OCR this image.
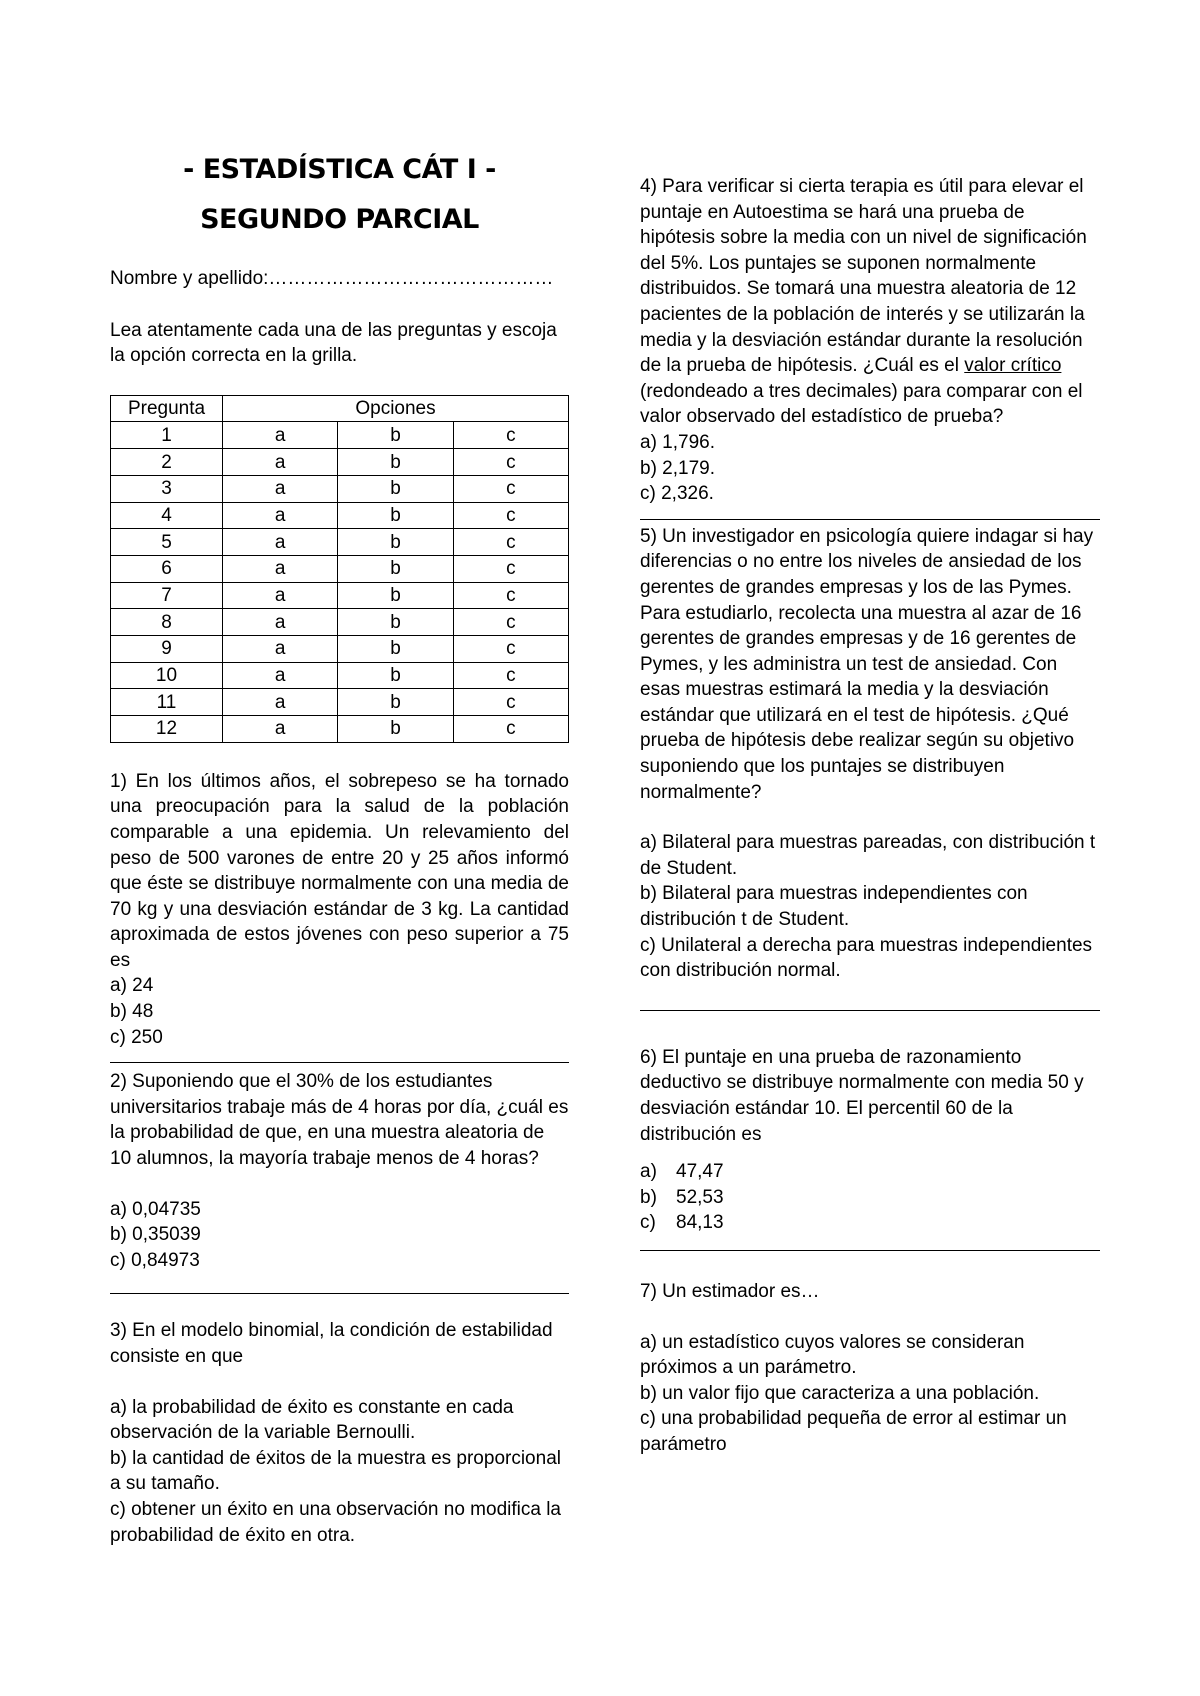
- ESTADÍSTICA CÁT I -
SEGUNDO PARCIAL

Nombre y apellido:………………………………………

Lea atentamente cada una de las preguntas y escoja la opción correcta en la grilla.

Pregunta	Opciones		
1	a	b	c
2	a	b	c
3	a	b	c
4	a	b	c
5	a	b	c
6	a	b	c
7	a	b	c
8	a	b	c
9	a	b	c
10	a	b	c
11	a	b	c
12	a	b	c

1) En los últimos años, el sobrepeso se ha tornado una preocupación para la salud de la población comparable a una epidemia. Un relevamiento del peso de 500 varones de entre 20 y 25 años informó que éste se distribuye normalmente con una media de 70 kg y una desviación estándar de 3 kg. La cantidad aproximada de estos jóvenes con peso superior a 75 es

a) 24

b) 48

c) 250

2) Suponiendo que el 30% de los estudiantes universitarios trabaje más de 4 horas por día, ¿cuál es la probabilidad de que, en una muestra aleatoria de 10 alumnos, la mayoría trabaje menos de 4 horas?

a) 0,04735

b) 0,35039

c) 0,84973

3) En el modelo binomial, la condición de estabilidad consiste en que

a) la probabilidad de éxito es constante en cada observación de la variable Bernoulli.

b) la cantidad de éxitos de la muestra es proporcional a su tamaño.

c) obtener un éxito en una observación no modifica la probabilidad de éxito en otra.

4) Para verificar si cierta terapia es útil para elevar el puntaje en Autoestima se hará una prueba de hipótesis sobre la media con un nivel de significación del 5%. Los puntajes se suponen normalmente distribuidos. Se tomará una muestra aleatoria de 12 pacientes de la población de interés y se utilizarán la media y la desviación estándar durante la resolución de la prueba de hipótesis. ¿Cuál es el valor crítico (redondeado a tres decimales) para comparar con el valor observado del estadístico de prueba?

a) 1,796.

b) 2,179.

c) 2,326.

5) Un investigador en psicología quiere indagar si hay diferencias o no entre los niveles de ansiedad de los gerentes de grandes empresas y los de las Pymes. Para estudiarlo, recolecta una muestra al azar de 16 gerentes de grandes empresas y de 16 gerentes de Pymes, y les administra un test de ansiedad. Con esas muestras estimará la media y la desviación estándar que utilizará en el test de hipótesis. ¿Qué prueba de hipótesis debe realizar según su objetivo suponiendo que los puntajes se distribuyen normalmente?

a) Bilateral para muestras pareadas, con distribución t de Student.

b) Bilateral para muestras independientes con distribución t de Student.

c) Unilateral a derecha para muestras independientes con distribución normal.

6) El puntaje en una prueba de razonamiento deductivo se distribuye normalmente con media 50 y desviación estándar 10. El percentil 60 de la distribución es

a)	47,47
b)	52,53
c)	84,13

7) Un estimador es…

a) un estadístico cuyos valores se consideran próximos a un parámetro.

b) un valor fijo que caracteriza a una población.

c) una probabilidad pequeña de error al estimar un parámetro
